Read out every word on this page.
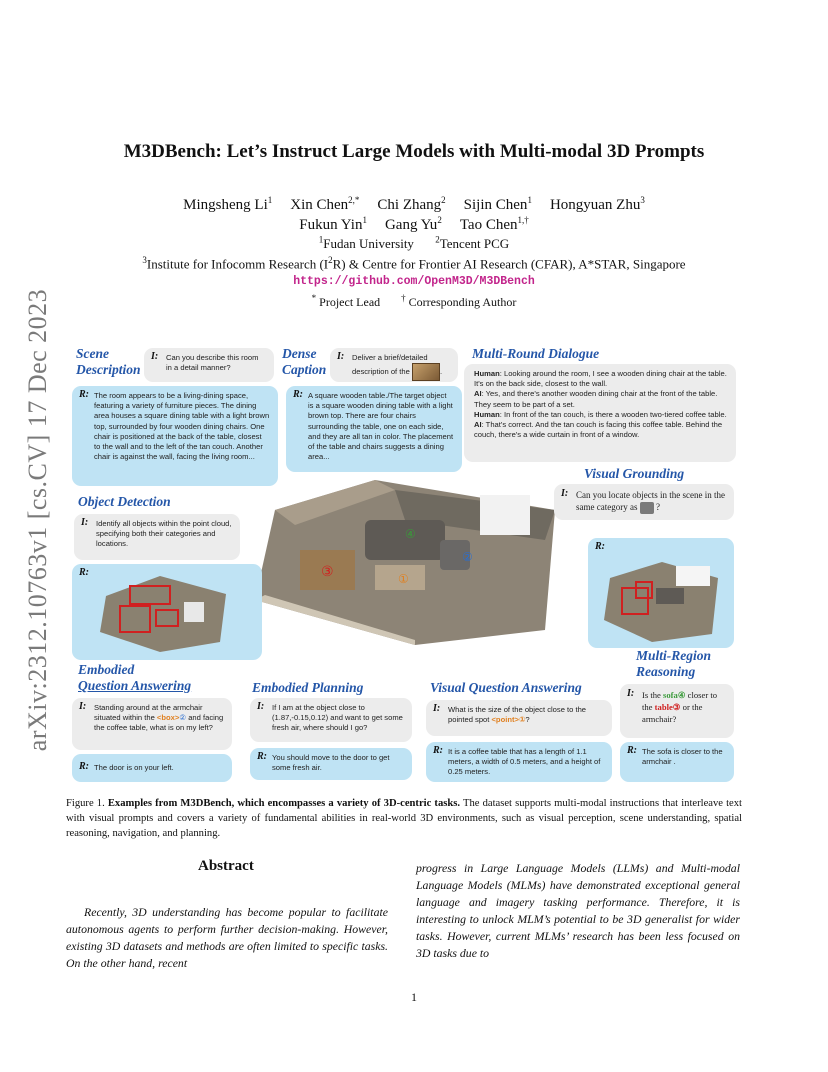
arXiv:2312.10763v1 [cs.CV] 17 Dec 2023
M3DBench: Let’s Instruct Large Models with Multi-modal 3D Prompts
Mingsheng Li$^1$ Xin Chen$^{2,*}$ Chi Zhang$^2$ Sijin Chen$^1$ Hongyuan Zhu$^3$
Fukun Yin$^1$ Gang Yu$^2$ Tao Chen$^{1,\dagger}$
$^1$Fudan University $^2$Tencent PCG
$^3$Institute for Infocomm Research $(I^2R)$ & Centre for Frontier AI Research (CFAR), A*STAR, Singapore
https://github.com/OpenM3D/M3DBench
* Project Lead † Corresponding Author
Scene Description
I: Can you describe this room in a detail manner?
R: The room appears to be a living-dining space, featuring a variety of furniture pieces. The dining area houses a square dining table with a light brown top, surrounded by four wooden dining chairs. One chair is positioned at the back of the table, closest to the wall and to the left of the tan couch. Another chair is against the wall, facing the living room...
Dense Caption
I: Deliver a brief/detailed description of the	.
R: A square wooden table./The target object is a square wooden dining table with a light brown top. There are four chairs surrounding the table, one on each side, and they are all tan in color. The placement of the table and chairs suggests a dining area...
Multi-Round Dialogue
Human: Looking around the room, I see a wooden dining chair at the table. It's on the back side, closest to the wall.
AI: Yes, and there's another wooden dining chair at the front of the table. They seem to be part of a set.
Human: In front of the tan couch, is there a wooden two-tiered coffee table.
AI: That's correct. And the tan couch is facing this coffee table. Behind the couch, there's a wide curtain in front of a window.
④
①
②
③
Visual Grounding
I: Can you locate objects in the scene in the same category as ?
R:
Object Detection
I: Identify all objects within the point cloud, specifying both their categories and locations.
R:
Multi-Region
Reasoning
I: Is the sofa④ closer to the table③ or the armchair?
R: The sofa is closer to the armchair .
Embodied
Question Answering
I: Standing around at the armchair situated within the <box>② and facing the coffee table, what is on my left?
R: The door is on your left.
Embodied Planning
I: If I am at the object close to (1.87,-0.15,0.12) and want to get some fresh air, where should I go?
R: You should move to the door to get some fresh air.
Visual Question Answering
I: What is the size of the object close to the pointed spot <point>①?
R: It is a coffee table that has a length of 1.1 meters, a width of 0.5 meters, and a height of 0.25 meters.
Figure 1. Examples from M3DBench, which encompasses a variety of 3D-centric tasks. The dataset supports multi-modal instructions that interleave text with visual prompts and covers a variety of fundamental abilities in real-world 3D environments, such as visual perception, scene understanding, spatial reasoning, navigation, and planning.
Abstract
Recently, 3D understanding has become popular to facilitate autonomous agents to perform further decision-making. However, existing 3D datasets and methods are often limited to specific tasks. On the other hand, recent
progress in Large Language Models (LLMs) and Multi-modal Language Models (MLMs) have demonstrated exceptional general language and imagery tasking performance. Therefore, it is interesting to unlock MLM’s potential to be 3D generalist for wider tasks. However, current MLMs’ research has been less focused on 3D tasks due to
1
